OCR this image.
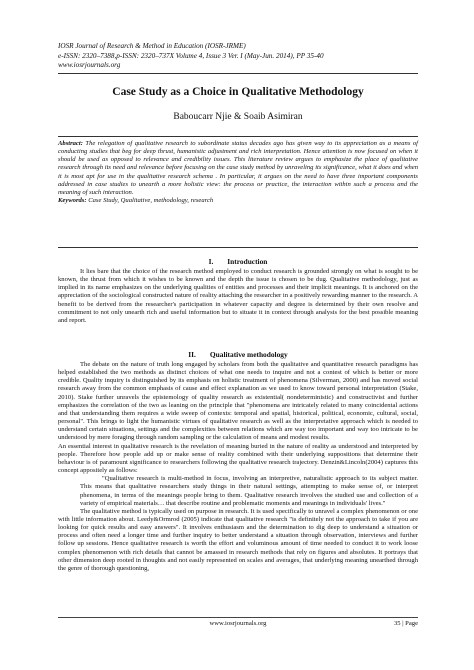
IOSR Journal of Research & Method in Education (IOSR-JRME)
e-ISSN: 2320–7388,p-ISSN: 2320–737X Volume 4, Issue 3 Ver. I (May-Jun. 2014), PP 35-40
www.iosrjournals.org
Case Study as a Choice in Qualitative Methodology
Baboucarr Njie & Soaib Asimiran

Abstract: The relegation of qualitative research to subordinate status decades ago has given way to its appreciation as a means of conducting studies that beg for deep thrust, humanistic adjustment and rich interpretation. Hence attention is now focused on when it should be used as opposed to relevance and credibility issues. This literature review argues to emphasize the place of qualitative research through its need and relevance before focusing on the case study method by unraveling its significance, what it does and when it is most apt for use in the qualitative research schema . In particular, it argues on the need to have three important components addressed in case studies to unearth a more holistic view: the process or practice, the interaction within such a process and the meaning of such interaction.

Keywords: Case Study, Qualitative, methodology, research

I. Introduction

It lies bare that the choice of the research method employed to conduct research is grounded strongly on what is sought to be known, the thrust from which it wishes to be known and the depth the issue is chosen to be dug. Qualitative methodology, just as implied in its name emphasizes on the underlying qualities of entities and processes and their implicit meanings. It is anchored on the appreciation of the sociological constructed nature of reality attaching the researcher in a positively rewarding manner to the research. A benefit to be derived from the researcher's participation in whatever capacity and degree is determined by their own resolve and commitment to not only unearth rich and useful information but to situate it in context through analysis for the best possible meaning and report.

II. Qualitative methodology

The debate on the nature of truth long engaged by scholars from both the qualitative and quantitative research paradigms has helped established the two methods as distinct choices of what one needs to inquire and not a contest of which is better or more credible. Quality inquiry is distinguished by its emphasis on holistic treatment of phenomena (Silverman, 2000) and has moved social research away from the common emphasis of cause and effect explanation as we used to know toward personal interpretation (Stake, 2010). Stake further unravels the epistemology of quality research as existential( nondeterministic) and constructivist and further emphasizes the correlation of the two as leaning on the principle that "phenomena are intricately related to many coincidental actions and that understanding them requires a wide sweep of contexts: temporal and spatial, historical, political, economic, cultural, social, personal". This brings to light the humanistic virtues of qualitative research as well as the interpretative approach which is needed to understand certain situations, settings and the complexities between relations which are way too important and way too intricate to be understood by mere foraging through random sampling or the calculation of means and modest results.

An essential interest in qualitative research is the revelation of meaning buried in the nature of reality as understood and interpreted by people. Therefore how people add up or make sense of reality combined with their underlying suppositions that determine their behaviour is of paramount significance to researchers following the qualitative research trajectory. Denzin&Lincoln(2004) captures this concept appositely as follows:

"Qualitative research is multi-method in focus, involving an interpretive, naturalistic approach to its subject matter. This means that qualitative researchers study things in their natural settings, attempting to make sense of, or interpret phenomena, in terms of the meanings people bring to them. Qualitative research involves the studied use and collection of a variety of empirical materials… that describe routine and problematic moments and meanings in individuals' lives."

The qualitative method is typically used on purpose in research. It is used specifically to unravel a complex phenomenon or one with little information about. Leedy&Ormrod (2005) indicate that qualitative research "is definitely not the approach to take if you are looking for quick results and easy answers". It involves enthusiasm and the determination to dig deep to understand a situation or process and often need a longer time and further inquiry to better understand a situation through observation, interviews and further follow up sessions. Hence qualitative research is worth the effort and voluminous amount of time needed to conduct it to work loose complex phenomenon with rich details that cannot be amassed in research methods that rely on figures and absolutes. It portrays that other dimension deep rooted in thoughts and not easily represented on scales and averages, that underlying meaning unearthed through the genre of thorough questioning,

www.iosrjournals.org	35 | Page
